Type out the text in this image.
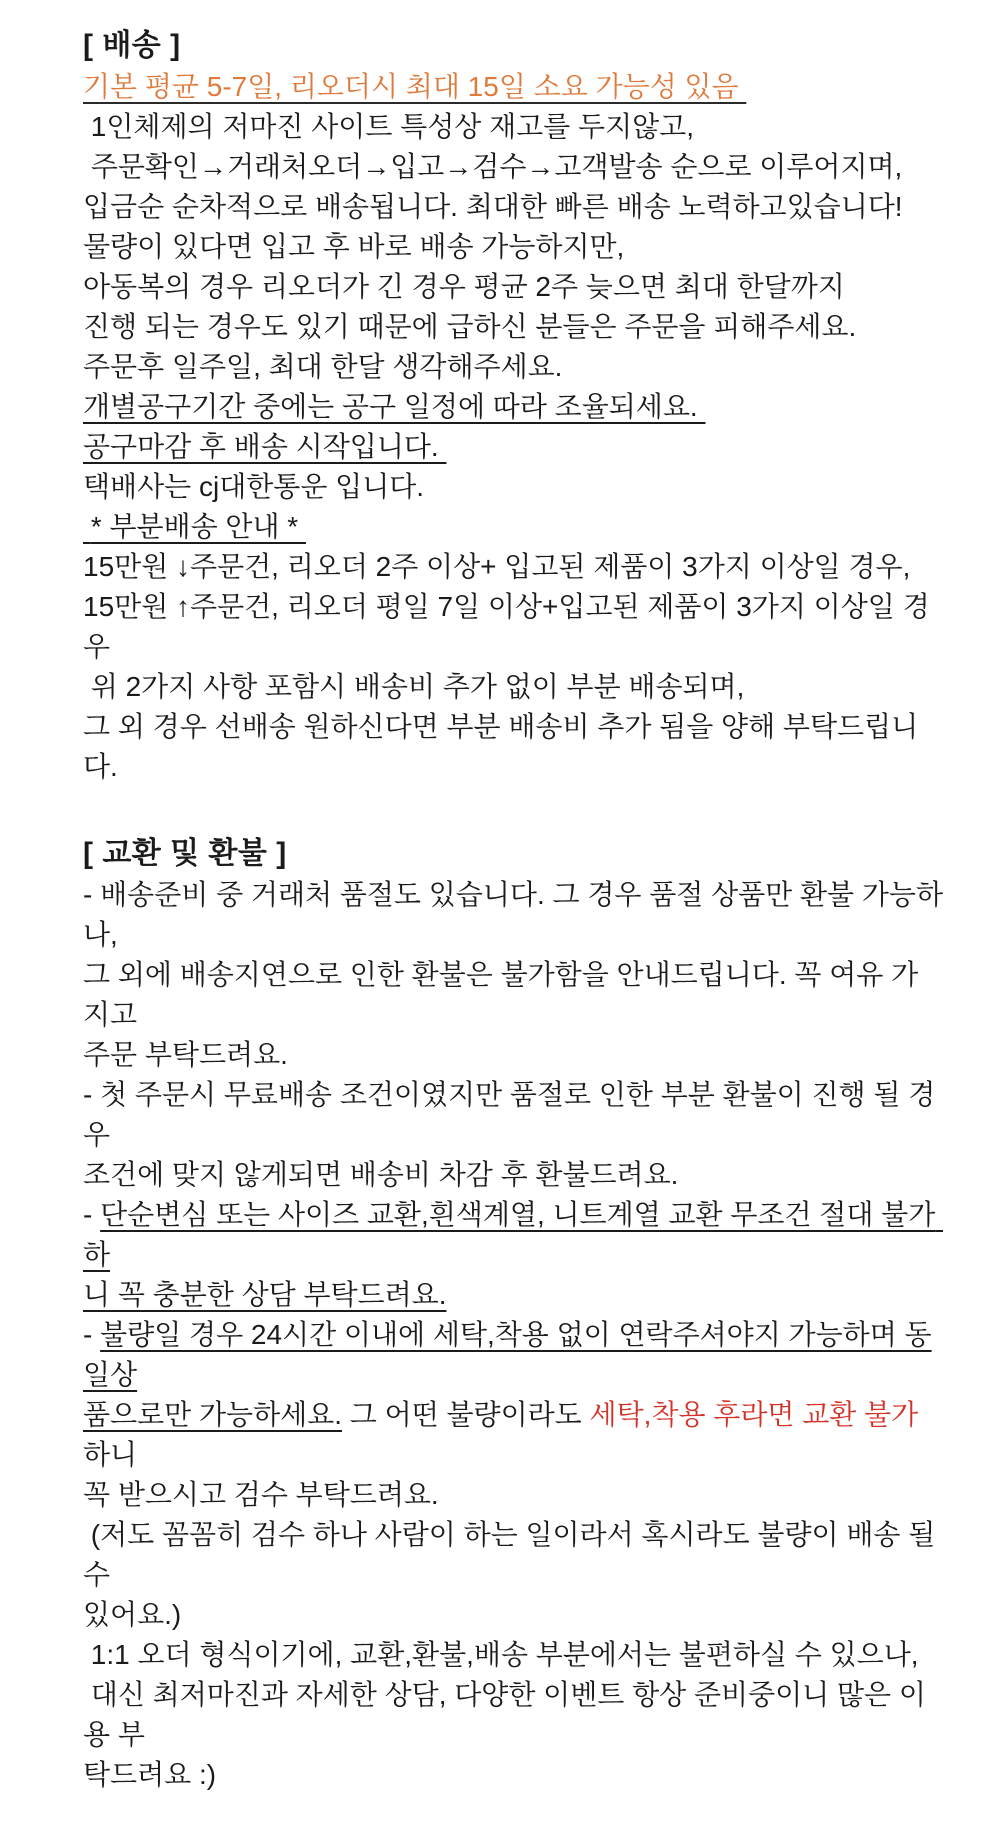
[ 배송 ]
기본 평균 5-7일, 리오더시 최대 15일 소요 가능성 있음
1인체제의 저마진 사이트 특성상 재고를 두지않고,
주문확인→거래처오더→입고→검수→고객발송 순으로 이루어지며,
입금순 순차적으로 배송됩니다. 최대한 빠른 배송 노력하고있습니다!
물량이 있다면 입고 후 바로 배송 가능하지만,
아동복의 경우 리오더가 긴 경우 평균 2주 늦으면 최대 한달까지
진행 되는 경우도 있기 때문에 급하신 분들은 주문을 피해주세요.
주문후 일주일, 최대 한달 생각해주세요.
개별공구기간 중에는 공구 일정에 따라 조율되세요.
공구마감 후 배송 시작입니다.
택배사는 cj대한통운 입니다.
* 부분배송 안내 *
15만원 ↓주문건, 리오더 2주 이상+ 입고된 제품이 3가지 이상일 경우,
15만원 ↑주문건, 리오더 평일 7일 이상+입고된 제품이 3가지 이상일 경우
위 2가지 사항 포함시 배송비 추가 없이 부분 배송되며,
그 외 경우 선배송 원하신다면 부분 배송비 추가 됨을 양해 부탁드립니다.
[ 교환 및 환불 ]
- 배송준비 중 거래처 품절도 있습니다. 그 경우 품절 상품만 환불 가능하나,
그 외에 배송지연으로 인한 환불은 불가함을 안내드립니다. 꼭 여유 가지고
주문 부탁드려요.
- 첫 주문시 무료배송 조건이였지만 품절로 인한 부분 환불이 진행 될 경우
조건에 맞지 않게되면 배송비 차감 후 환불드려요.
- 단순변심 또는 사이즈 교환,흰색계열, 니트계열 교환 무조건 절대 불가 하
니 꼭 충분한 상담 부탁드려요.
- 불량일 경우 24시간 이내에 세탁,착용 없이 연락주셔야지 가능하며 동일상
품으로만 가능하세요. 그 어떤 불량이라도 세탁,착용 후라면 교환 불가하니
꼭 받으시고 검수 부탁드려요.
(저도 꼼꼼히 검수 하나 사람이 하는 일이라서 혹시라도 불량이 배송 될 수
있어요.)
1:1 오더 형식이기에, 교환,환불,배송 부분에서는 불편하실 수 있으나,
대신 최저마진과 자세한 상담, 다양한 이벤트 항상 준비중이니 많은 이용 부
탁드려요 :)
